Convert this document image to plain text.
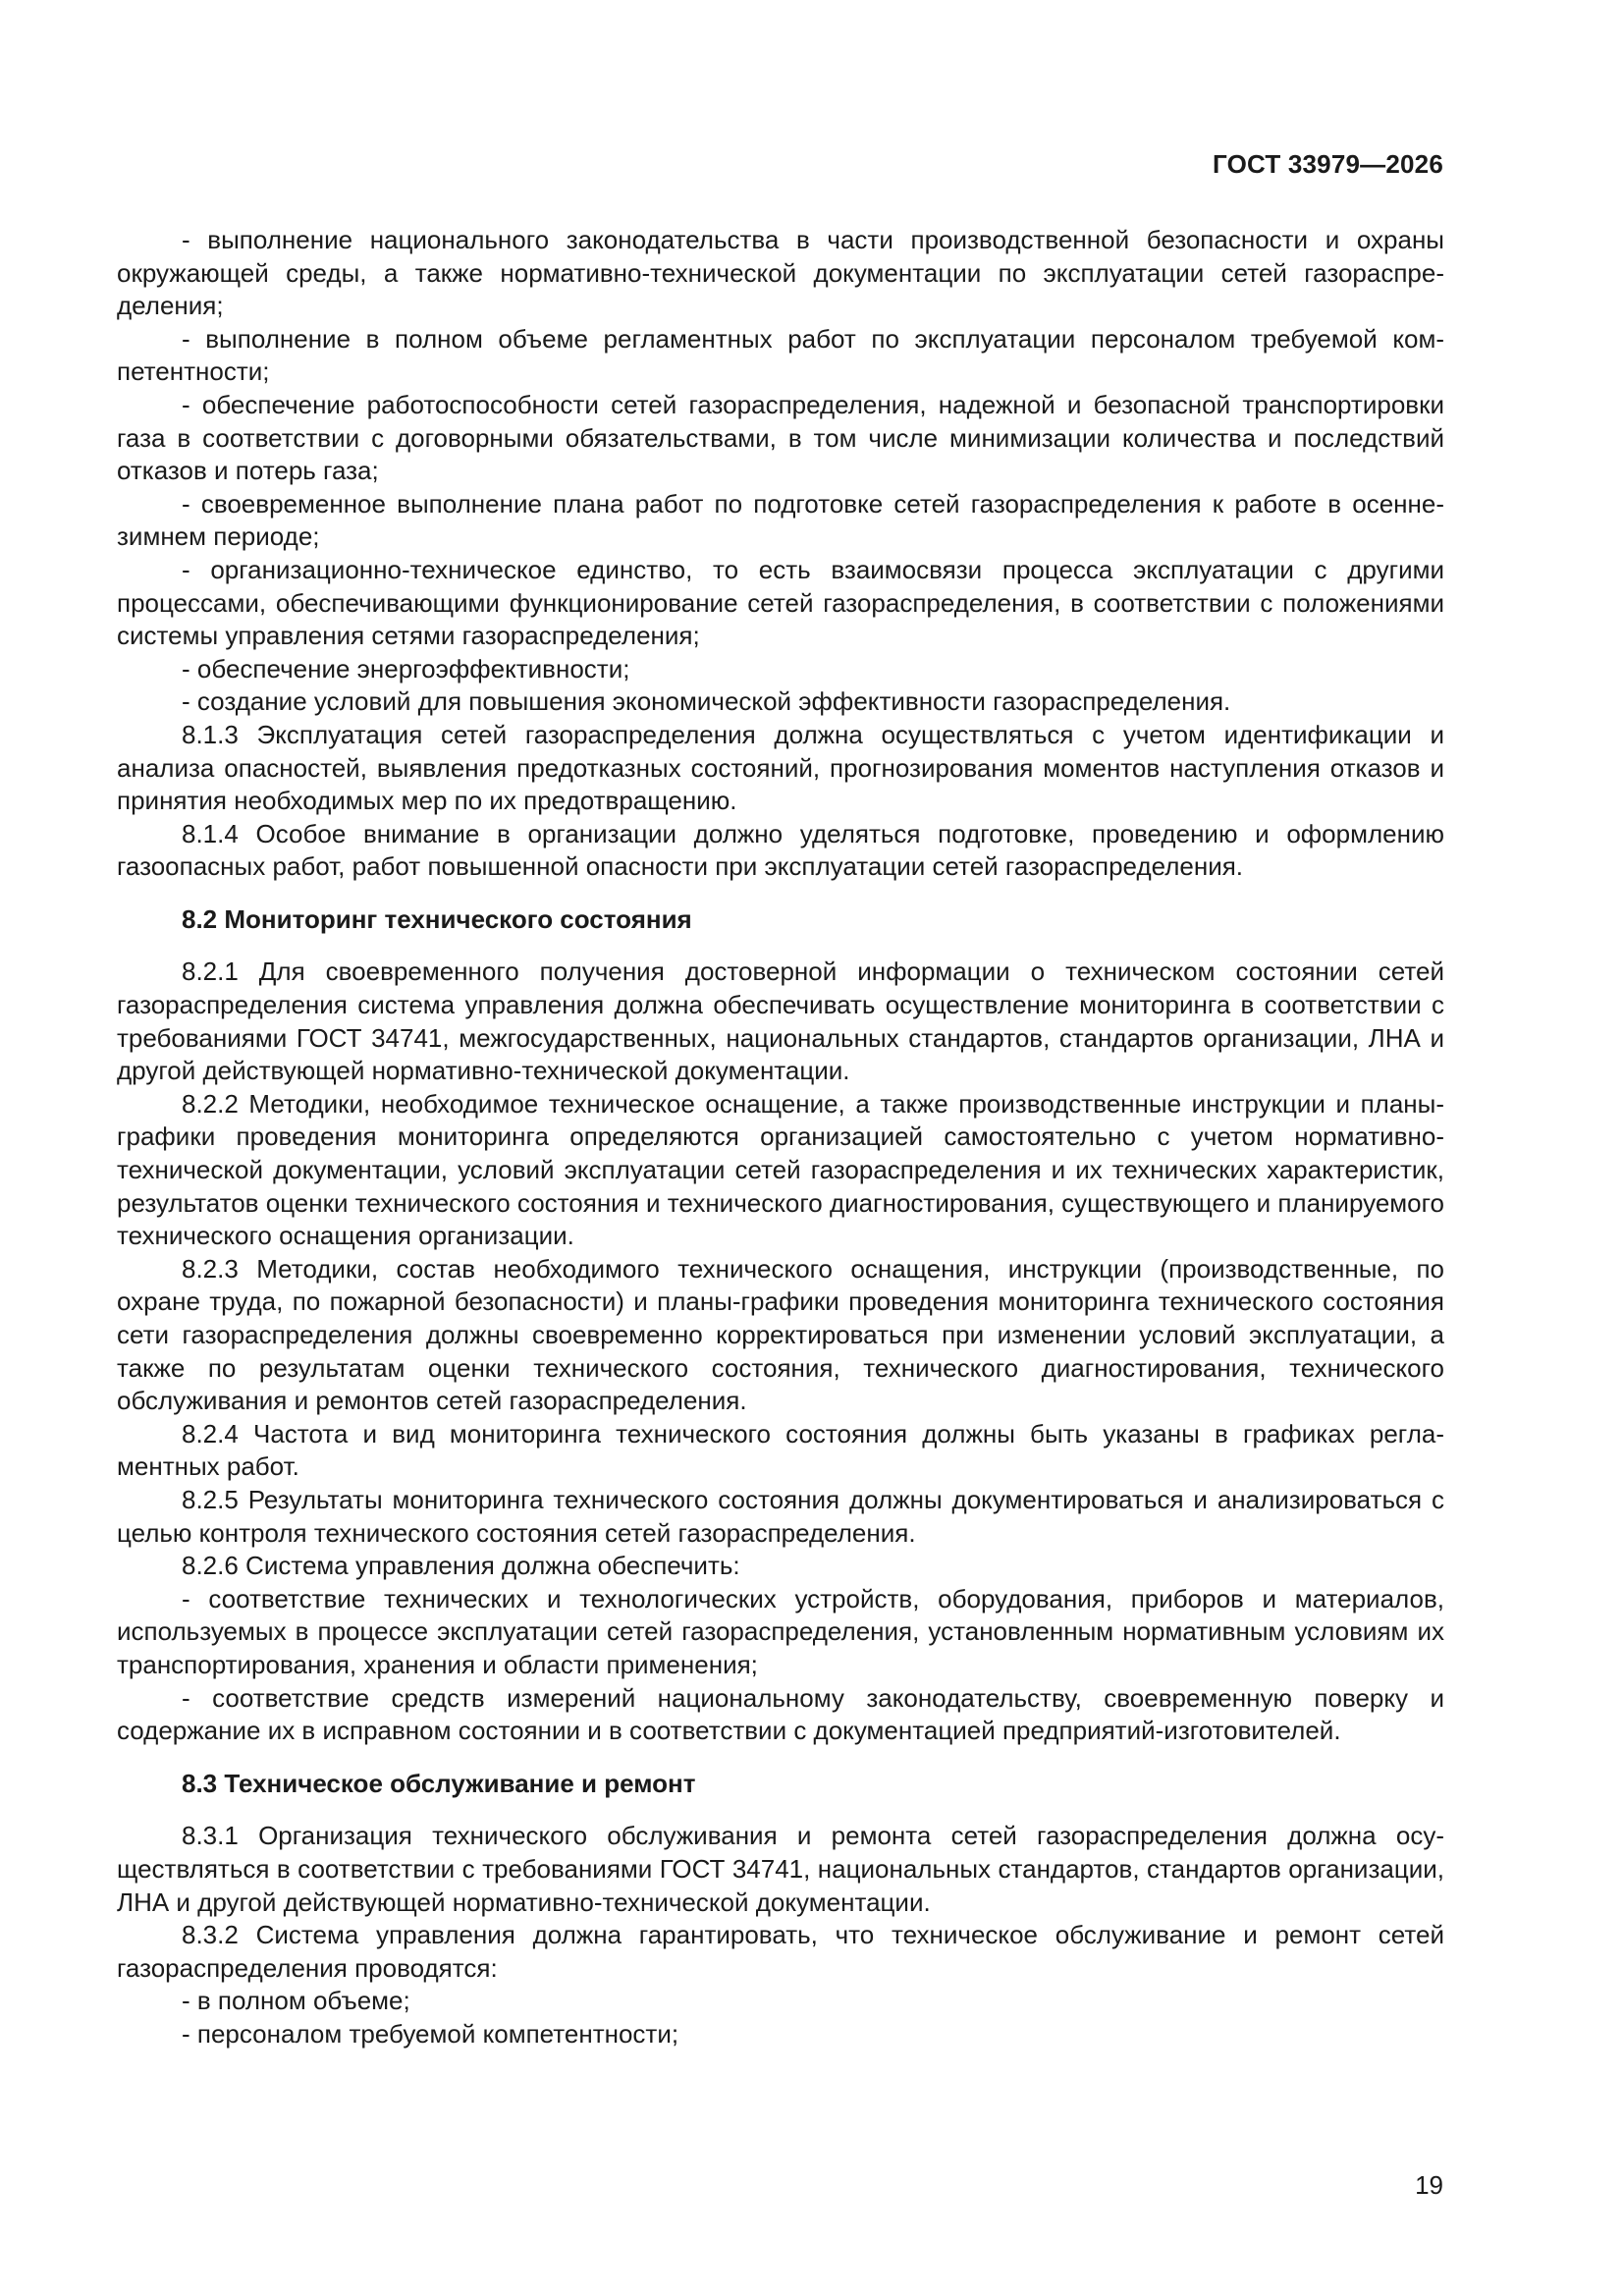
ГОСТ 33979—2026

- выполнение национального законодательства в части производственной безопасности и охраны окружающей среды, а также нормативно-технической документации по эксплуатации сетей газораспределения;

- выполнение в полном объеме регламентных работ по эксплуатации персоналом требуемой компетентности;

- обеспечение работоспособности сетей газораспределения, надежной и безопасной транспортировки газа в соответствии с договорными обязательствами, в том числе минимизации количества и последствий отказов и потерь газа;

- своевременное выполнение плана работ по подготовке сетей газораспределения к работе в осенне-зимнем периоде;

- организационно-техническое единство, то есть взаимосвязи процесса эксплуатации с другими процессами, обеспечивающими функционирование сетей газораспределения, в соответствии с положениями системы управления сетями газораспределения;

- обеспечение энергоэффективности;

- создание условий для повышения экономической эффективности газораспределения.

8.1.3 Эксплуатация сетей газораспределения должна осуществляться с учетом идентификации и анализа опасностей, выявления предотказных состояний, прогнозирования моментов наступления отказов и принятия необходимых мер по их предотвращению.

8.1.4 Особое внимание в организации должно уделяться подготовке, проведению и оформлению газоопасных работ, работ повышенной опасности при эксплуатации сетей газораспределения.

8.2 Мониторинг технического состояния

8.2.1 Для своевременного получения достоверной информации о техническом состоянии сетей газораспределения система управления должна обеспечивать осуществление мониторинга в соответствии с требованиями ГОСТ 34741, межгосударственных, национальных стандартов, стандартов организации, ЛНА и другой действующей нормативно-технической документации.

8.2.2 Методики, необходимое техническое оснащение, а также производственные инструкции и планы-графики проведения мониторинга определяются организацией самостоятельно с учетом нормативно-технической документации, условий эксплуатации сетей газораспределения и их технических характеристик, результатов оценки технического состояния и технического диагностирования, существующего и планируемого технического оснащения организации.

8.2.3 Методики, состав необходимого технического оснащения, инструкции (производственные, по охране труда, по пожарной безопасности) и планы-графики проведения мониторинга технического состояния сети газораспределения должны своевременно корректироваться при изменении условий эксплуатации, а также по результатам оценки технического состояния, технического диагностирования, технического обслуживания и ремонтов сетей газораспределения.

8.2.4 Частота и вид мониторинга технического состояния должны быть указаны в графиках регламентных работ.

8.2.5 Результаты мониторинга технического состояния должны документироваться и анализироваться с целью контроля технического состояния сетей газораспределения.

8.2.6 Система управления должна обеспечить:

- соответствие технических и технологических устройств, оборудования, приборов и материалов, используемых в процессе эксплуатации сетей газораспределения, установленным нормативным условиям их транспортирования, хранения и области применения;

- соответствие средств измерений национальному законодательству, своевременную поверку и содержание их в исправном состоянии и в соответствии с документацией предприятий-изготовителей.

8.3 Техническое обслуживание и ремонт

8.3.1 Организация технического обслуживания и ремонта сетей газораспределения должна осуществляться в соответствии с требованиями ГОСТ 34741, национальных стандартов, стандартов организации, ЛНА и другой действующей нормативно-технической документации.

8.3.2 Система управления должна гарантировать, что техническое обслуживание и ремонт сетей газораспределения проводятся:

- в полном объеме;

- персоналом требуемой компетентности;

19
